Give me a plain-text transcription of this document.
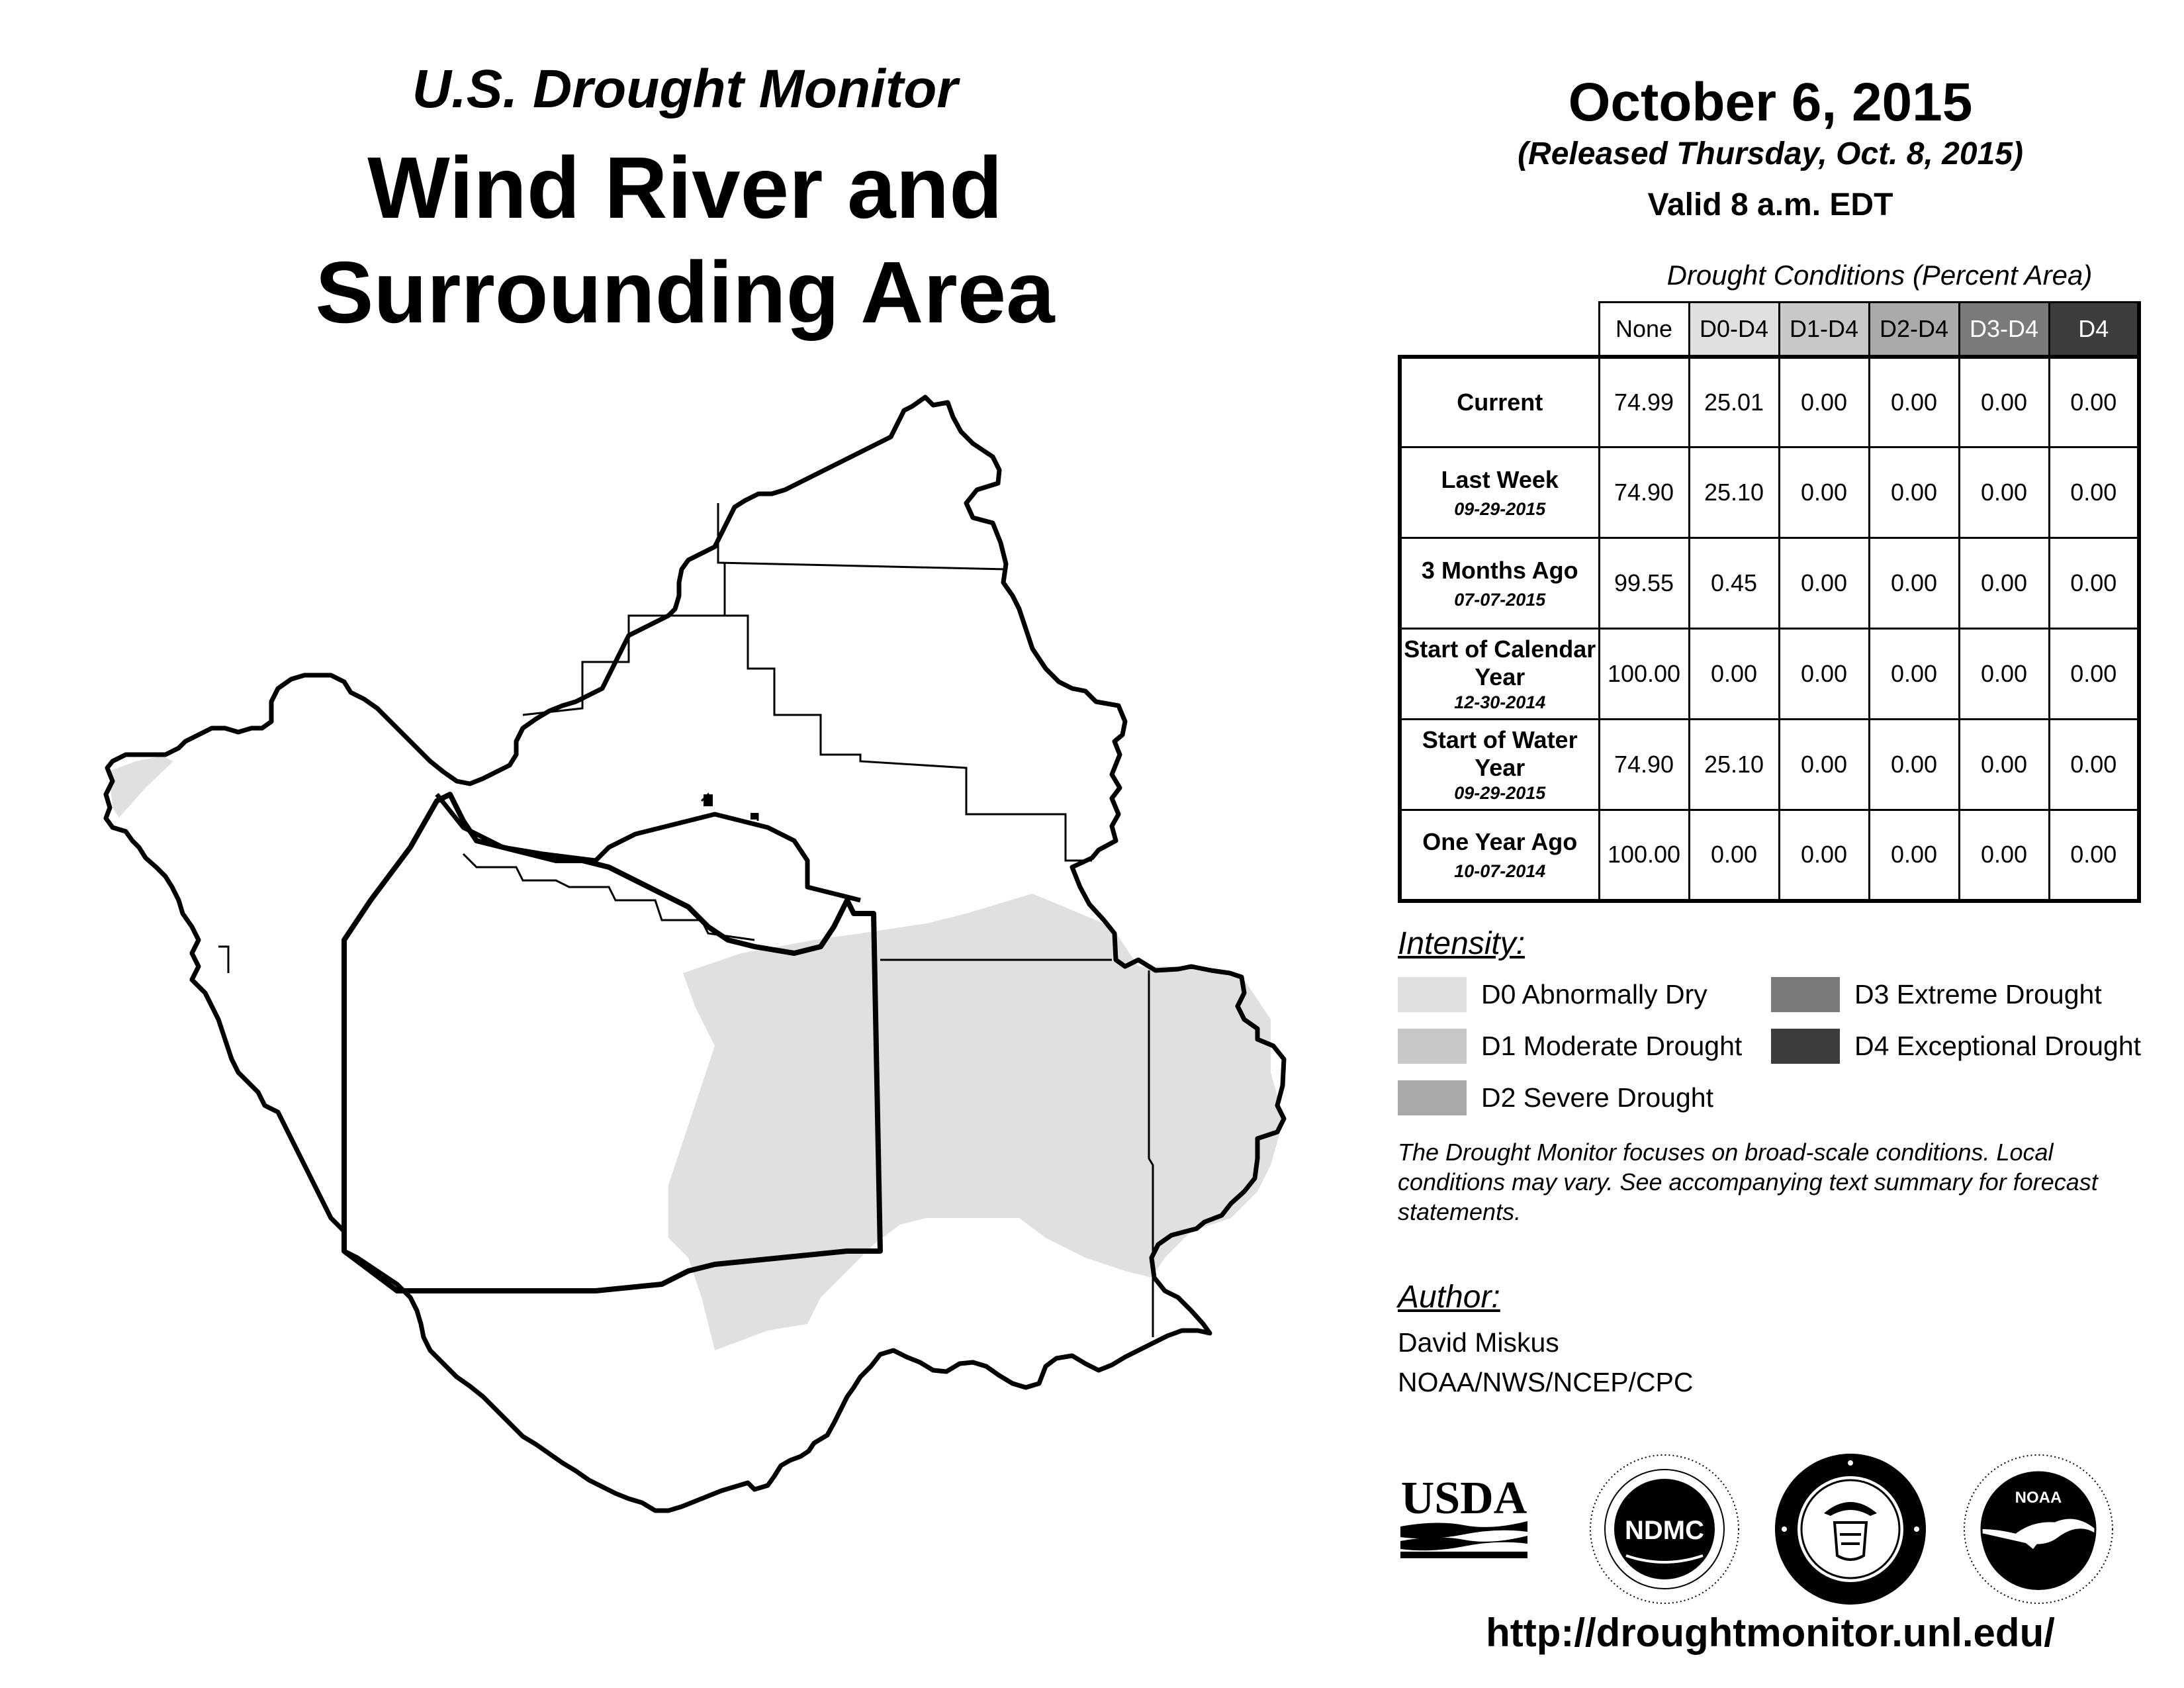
U.S. Drought Monitor
Wind River and
Surrounding Area
October 6, 2015
(Released Thursday, Oct. 8, 2015)
Valid 8 a.m. EDT
Drought Conditions (Percent Area)
	None	D0-D4	D1-D4	D2-D4	D3-D4	D4

Current	74.99	25.01	0.00	0.00	0.00	0.00

Last Week
09-29-2015	74.90	25.10	0.00	0.00	0.00	0.00

3 Months Ago
07-07-2015	99.55	0.45	0.00	0.00	0.00	0.00

Start of Calendar Year
12-30-2014	100.00	0.00	0.00	0.00	0.00	0.00

Start of Water Year
09-29-2015	74.90	25.10	0.00	0.00	0.00	0.00

One Year Ago
10-07-2014	100.00	0.00	0.00	0.00	0.00	0.00
Intensity:
D0 Abnormally Dry
D1 Moderate Drought
D2 Severe Drought
D3 Extreme Drought
D4 Exceptional Drought
The Drought Monitor focuses on broad-scale conditions. Local conditions may vary. See accompanying text summary for forecast statements.
Author:
David Miskus
NOAA/NWS/NCEP/CPC
USDA
NDMC
NOAA
http://droughtmonitor.unl.edu/
